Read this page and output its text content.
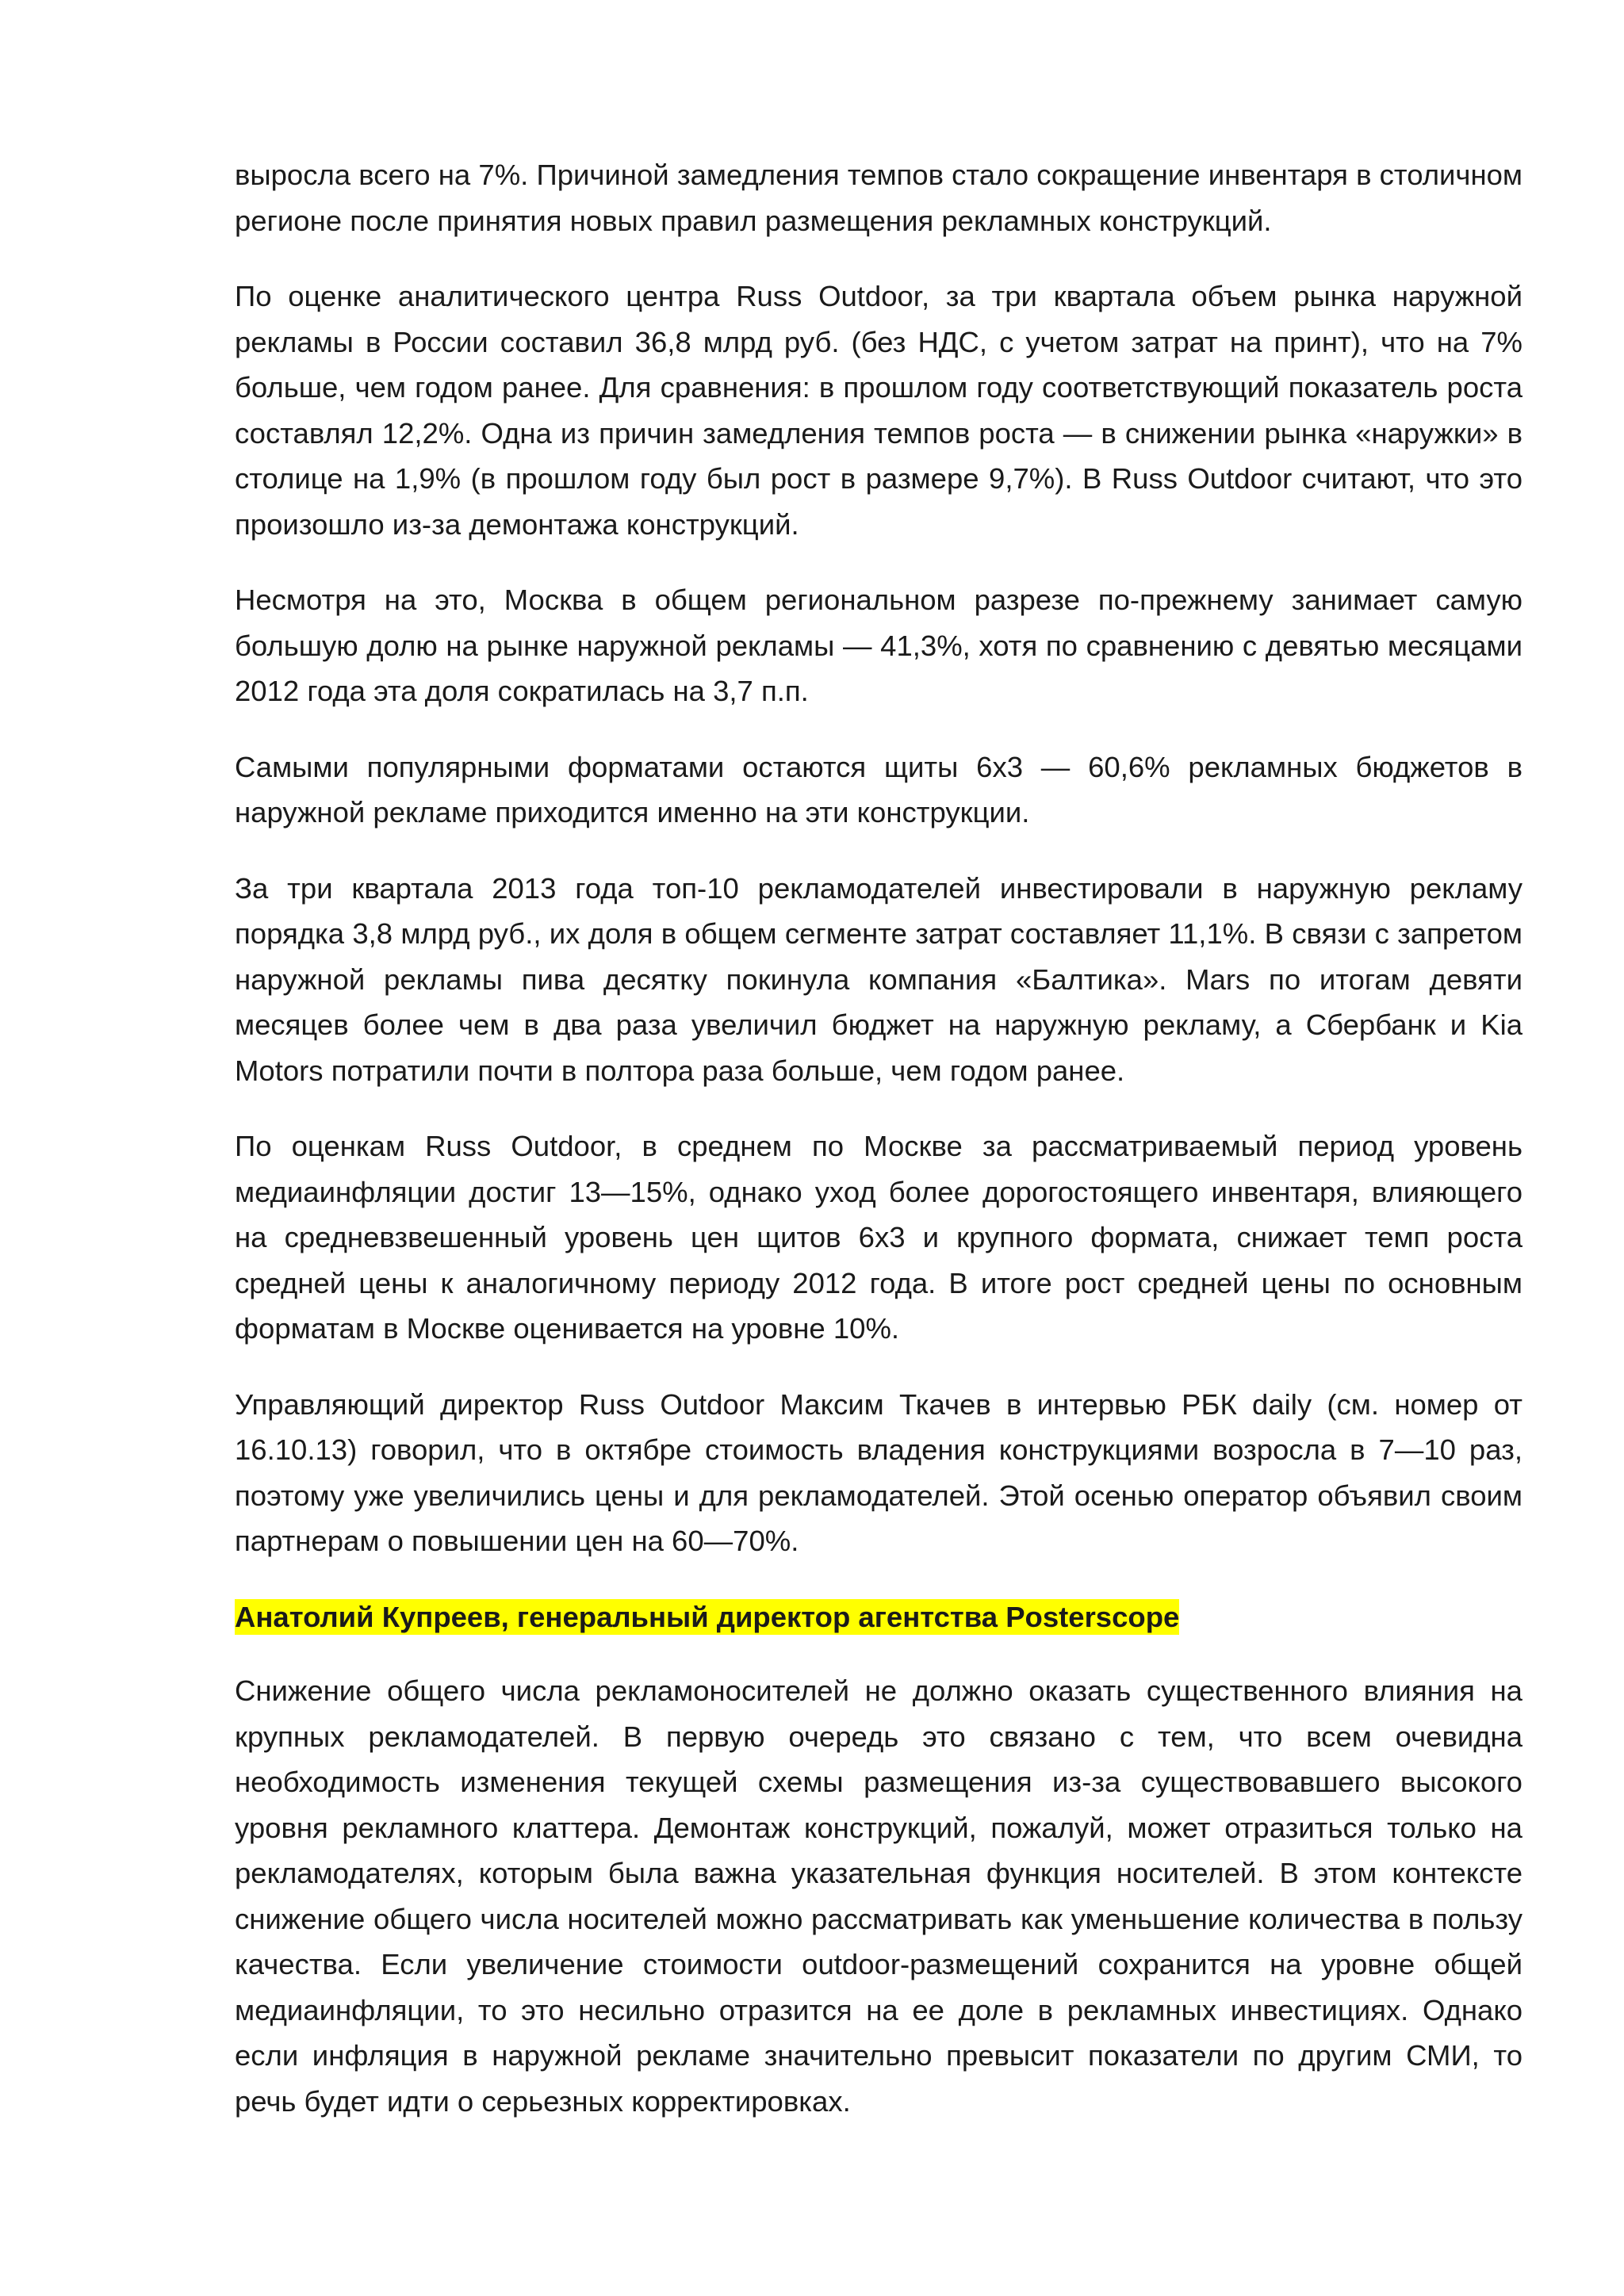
выросла всего на 7%. Причиной замедления темпов стало сокращение инвентаря в столичном регионе после принятия новых правил размещения рекламных конструкций.

По оценке аналитического центра Russ Outdoor, за три квартала объем рынка наружной рекламы в России составил 36,8 млрд руб. (без НДС, с учетом затрат на принт), что на 7% больше, чем годом ранее. Для сравнения: в прошлом году соответствующий показатель роста составлял 12,2%. Одна из причин замедления темпов роста — в снижении рынка «наружки» в столице на 1,9% (в прошлом году был рост в размере 9,7%). В Russ Outdoor считают, что это произошло из-за демонтажа конструкций.

Несмотря на это, Москва в общем региональном разрезе по-прежнему занимает самую большую долю на рынке наружной рекламы — 41,3%, хотя по сравнению с девятью месяцами 2012 года эта доля сократилась на 3,7 п.п.

Самыми популярными форматами остаются щиты 6х3 — 60,6% рекламных бюджетов в наружной рекламе приходится именно на эти конструкции.

За три квартала 2013 года топ-10 рекламодателей инвестировали в наружную рекламу порядка 3,8 млрд руб., их доля в общем сегменте затрат составляет 11,1%. В связи с запретом наружной рекламы пива десятку покинула компания «Балтика». Mars по итогам девяти месяцев более чем в два раза увеличил бюджет на наружную рекламу, а Сбербанк и Kia Motors потратили почти в полтора раза больше, чем годом ранее.

По оценкам Russ Outdoor, в среднем по Москве за рассматриваемый период уровень медиаинфляции достиг 13—15%, однако уход более дорогостоящего инвентаря, влияющего на средневзвешенный уровень цен щитов 6х3 и крупного формата, снижает темп роста средней цены к аналогичному периоду 2012 года. В итоге рост средней цены по основным форматам в Москве оценивается на уровне 10%.

Управляющий директор Russ Outdoor Максим Ткачев в интервью РБК daily (см. номер от 16.10.13) говорил, что в октябре стоимость владения конструкциями возросла в 7—10 раз, поэтому уже увеличились цены и для рекламодателей. Этой осенью оператор объявил своим партнерам о повышении цен на 60—70%.

Анатолий Купреев, генеральный директор агентства Posterscope

Снижение общего числа рекламоносителей не должно оказать существенного влияния на крупных рекламодателей. В первую очередь это связано с тем, что всем очевидна необходимость изменения текущей схемы размещения из-за существовавшего высокого уровня рекламного клаттера. Демонтаж конструкций, пожалуй, может отразиться только на рекламодателях, которым была важна указательная функция носителей. В этом контексте снижение общего числа носителей можно рассматривать как уменьшение количества в пользу качества. Если увеличение стоимости outdoor-размещений сохранится на уровне общей медиаинфляции, то это несильно отразится на ее доле в рекламных инвестициях. Однако если инфляция в наружной рекламе значительно превысит показатели по другим СМИ, то речь будет идти о серьезных корректировках.
